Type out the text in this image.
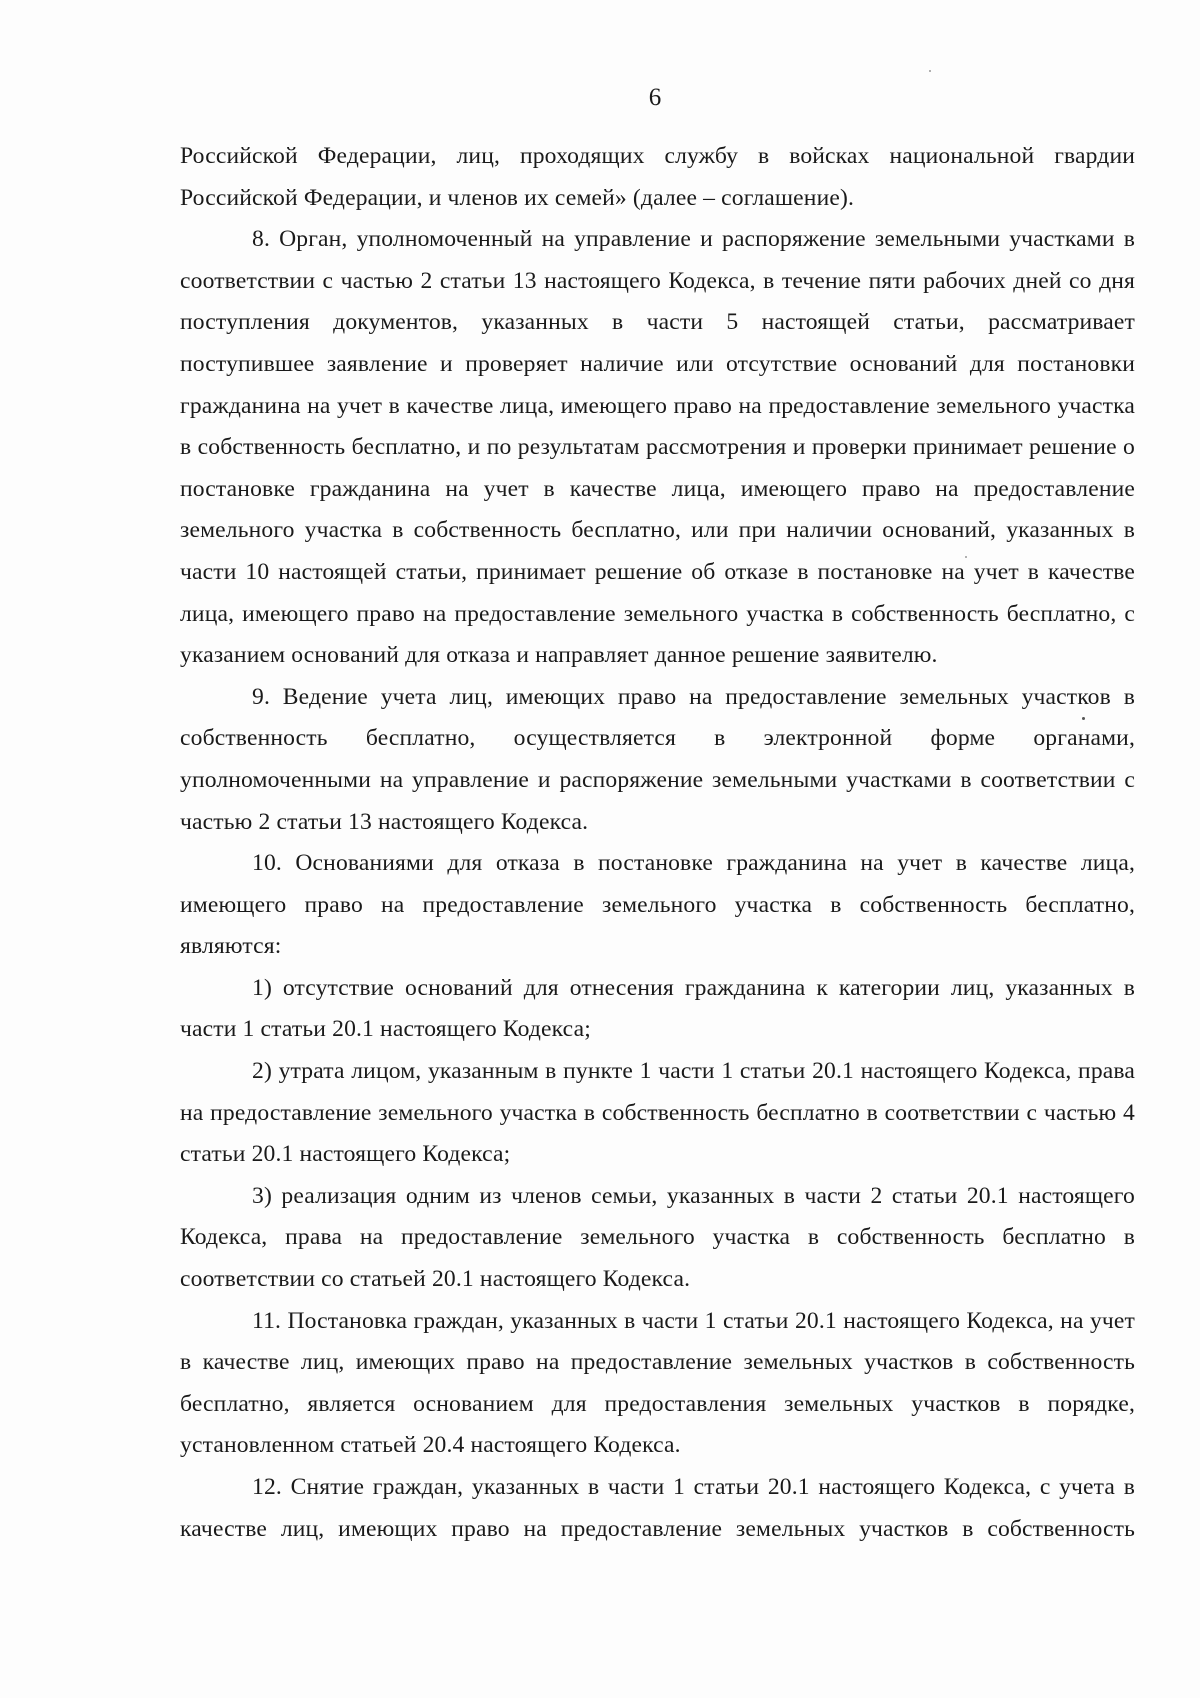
6

Российской Федерации, лиц, проходящих службу в войсках национальной гвардии Российской Федерации, и членов их семей» (далее – соглашение).

8. Орган, уполномоченный на управление и распоряжение земельными участками в соответствии с частью 2 статьи 13 настоящего Кодекса, в течение пяти рабочих дней со дня поступления документов, указанных в части 5 настоящей статьи, рассматривает поступившее заявление и проверяет наличие или отсутствие оснований для постановки гражданина на учет в качестве лица, имеющего право на предоставление земельного участка в собственность бесплатно, и по результатам рассмотрения и проверки принимает решение о постановке гражданина на учет в качестве лица, имеющего право на предоставление земельного участка в собственность бесплатно, или при наличии оснований, указанных в части 10 настоящей статьи, принимает решение об отказе в постановке на учет в качестве лица, имеющего право на предоставление земельного участка в собственность бесплатно, с указанием оснований для отказа и направляет данное решение заявителю.

9. Ведение учета лиц, имеющих право на предоставление земельных участков в собственность бесплатно, осуществляется в электронной форме органами, уполномоченными на управление и распоряжение земельными участками в соответствии с частью 2 статьи 13 настоящего Кодекса.

10. Основаниями для отказа в постановке гражданина на учет в качестве лица, имеющего право на предоставление земельного участка в собственность бесплатно, являются:

1) отсутствие оснований для отнесения гражданина к категории лиц, указанных в части 1 статьи 20.1 настоящего Кодекса;

2) утрата лицом, указанным в пункте 1 части 1 статьи 20.1 настоящего Кодекса, права на предоставление земельного участка в собственность бесплатно в соответствии с частью 4 статьи 20.1 настоящего Кодекса;

3) реализация одним из членов семьи, указанных в части 2 статьи 20.1 настоящего Кодекса, права на предоставление земельного участка в собственность бесплатно в соответствии со статьей 20.1 настоящего Кодекса.

11. Постановка граждан, указанных в части 1 статьи 20.1 настоящего Кодекса, на учет в качестве лиц, имеющих право на предоставление земельных участков в собственность бесплатно, является основанием для предоставления земельных участков в порядке, установленном статьей 20.4 настоящего Кодекса.

12. Снятие граждан, указанных в части 1 статьи 20.1 настоящего Кодекса, с учета в качестве лиц, имеющих право на предоставление земельных участков в собственность
